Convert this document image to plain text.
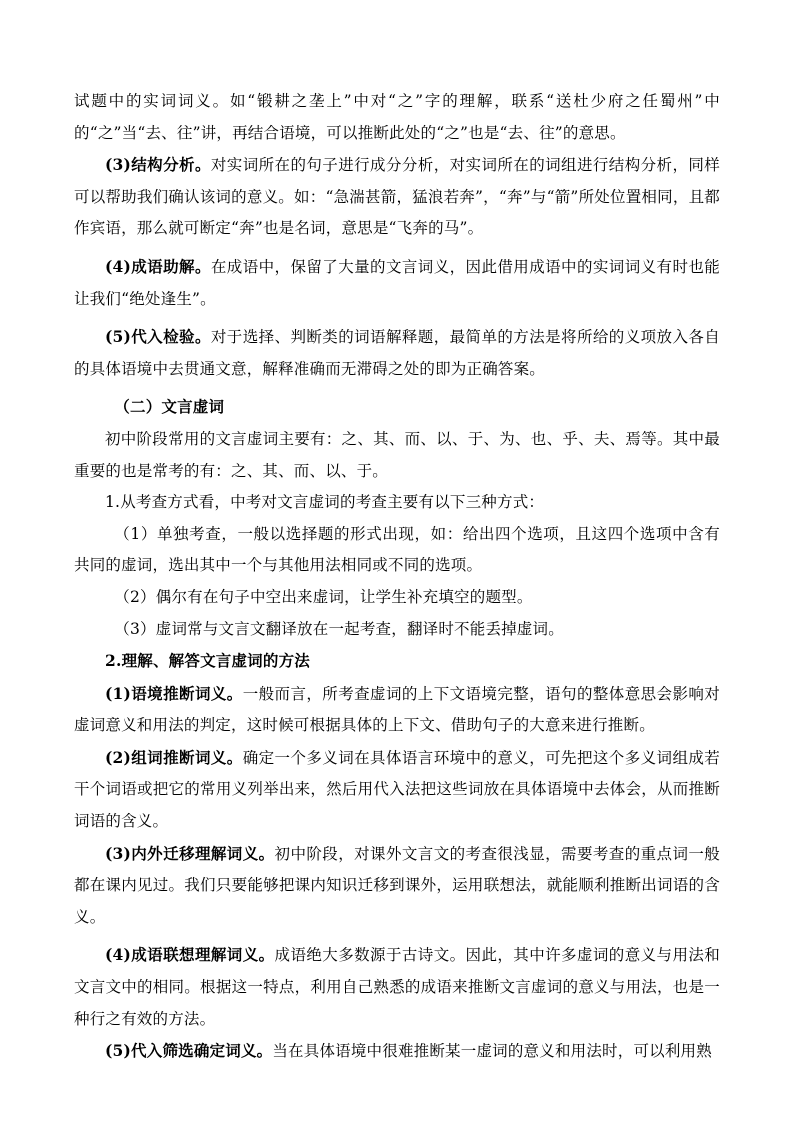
试题中的实词词义。如“锻耕之垄上”中对“之”字的理解，联系“送杜少府之任蜀州”中的“之”当“去、往”讲，再结合语境，可以推断此处的“之”也是“去、往”的意思。

(3)结构分析。对实词所在的句子进行成分分析，对实词所在的词组进行结构分析，同样可以帮助我们确认该词的意义。如：“急湍甚箭，猛浪若奔”，“奔”与“箭”所处位置相同，且都作宾语，那么就可断定“奔”也是名词，意思是“飞奔的马”。

(4)成语助解。在成语中，保留了大量的文言词义，因此借用成语中的实词词义有时也能让我们“绝处逢生”。

(5)代入检验。对于选择、判断类的词语解释题，最简单的方法是将所给的义项放入各自的具体语境中去贯通文意，解释准确而无滞碍之处的即为正确答案。

（二）文言虚词

初中阶段常用的文言虚词主要有：之、其、而、以、于、为、也、乎、夫、焉等。其中最重要的也是常考的有：之、其、而、以、于。

1.从考查方式看，中考对文言虚词的考查主要有以下三种方式：

（1）单独考查，一般以选择题的形式出现，如：给出四个选项，且这四个选项中含有共同的虚词，选出其中一个与其他用法相同或不同的选项。

（2）偶尔有在句子中空出来虚词，让学生补充填空的题型。

（3）虚词常与文言文翻译放在一起考查，翻译时不能丢掉虚词。

2.理解、解答文言虚词的方法

(1)语境推断词义。一般而言，所考查虚词的上下文语境完整，语句的整体意思会影响对虚词意义和用法的判定，这时候可根据具体的上下文、借助句子的大意来进行推断。

(2)组词推断词义。确定一个多义词在具体语言环境中的意义，可先把这个多义词组成若干个词语或把它的常用义列举出来，然后用代入法把这些词放在具体语境中去体会，从而推断词语的含义。

(3)内外迁移理解词义。初中阶段，对课外文言文的考查很浅显，需要考查的重点词一般都在课内见过。我们只要能够把课内知识迁移到课外，运用联想法，就能顺利推断出词语的含义。

(4)成语联想理解词义。成语绝大多数源于古诗文。因此，其中许多虚词的意义与用法和文言文中的相同。根据这一特点，利用自己熟悉的成语来推断文言虚词的意义与用法，也是一种行之有效的方法。

(5)代入筛选确定词义。当在具体语境中很难推断某一虚词的意义和用法时，可以利用熟
